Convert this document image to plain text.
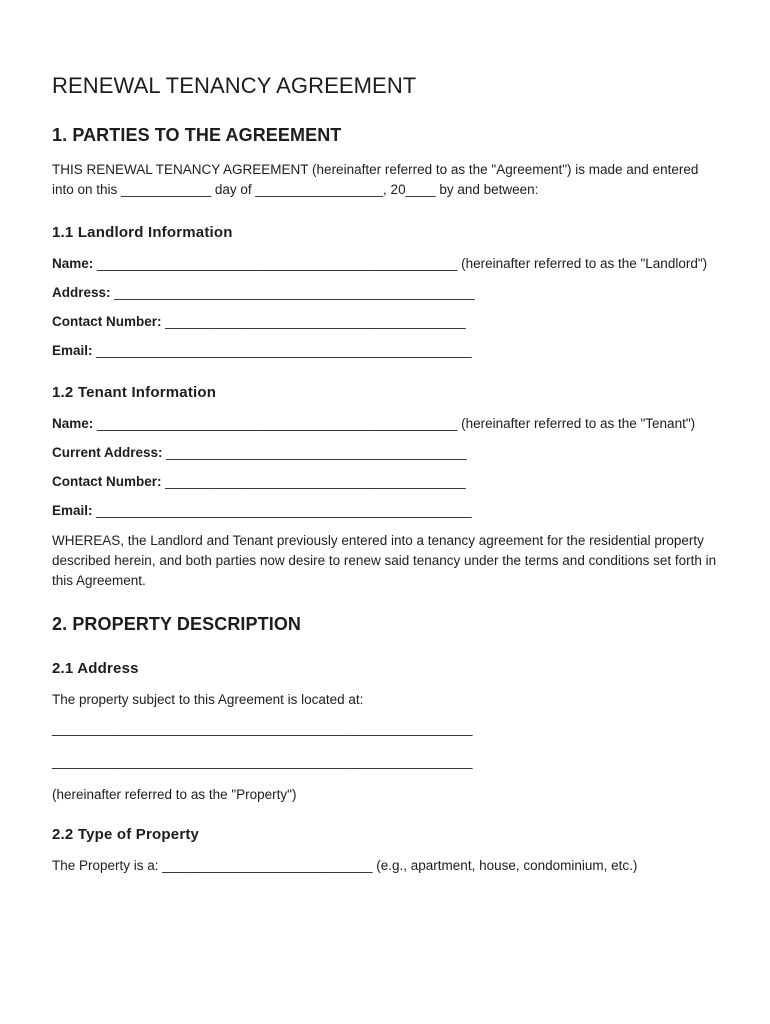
RENEWAL TENANCY AGREEMENT
1. PARTIES TO THE AGREEMENT

THIS RENEWAL TENANCY AGREEMENT (hereinafter referred to as the "Agreement") is made and entered into on this ____________ day of _________________, 20____ by and between:

1.1 Landlord Information
Name: ________________________________________________ (hereinafter referred to as the "Landlord")
Address: ________________________________________________
Contact Number: ________________________________________
Email: __________________________________________________
1.2 Tenant Information
Name: ________________________________________________ (hereinafter referred to as the "Tenant")
Current Address: ________________________________________
Contact Number: ________________________________________
Email: __________________________________________________

WHEREAS, the Landlord and Tenant previously entered into a tenancy agreement for the residential property described herein, and both parties now desire to renew said tenancy under the terms and conditions set forth in this Agreement.

2. PROPERTY DESCRIPTION
2.1 Address

The property subject to this Agreement is located at:

________________________________________________________

________________________________________________________

(hereinafter referred to as the "Property")

2.2 Type of Property

The Property is a: ____________________________ (e.g., apartment, house, condominium, etc.)
